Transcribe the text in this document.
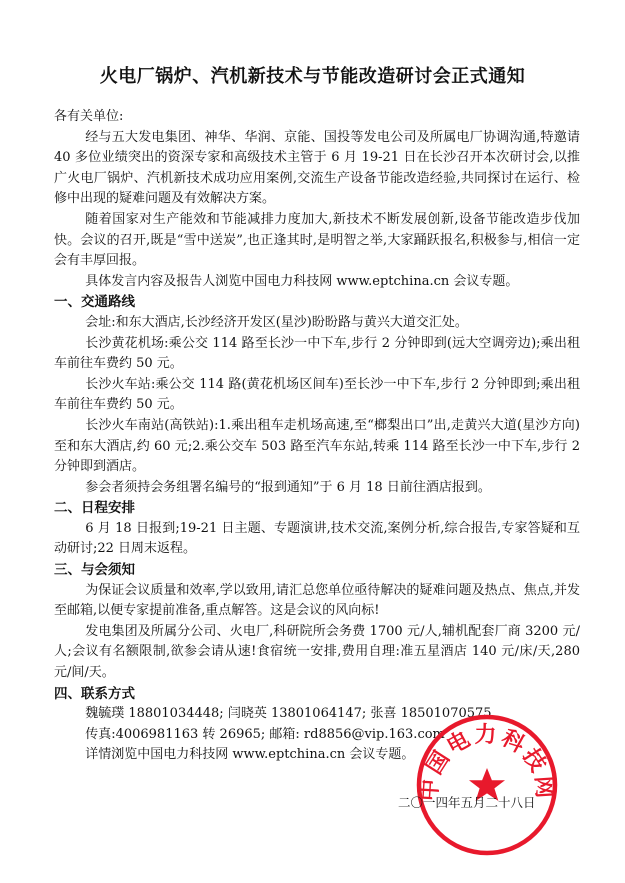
火电厂锅炉、汽机新技术与节能改造研讨会正式通知

各有关单位:

经与五大发电集团、神华、华润、京能、国投等发电公司及所属电厂协调沟通,特邀请 40 多位业绩突出的资深专家和高级技术主管于 6 月 19-21 日在长沙召开本次研讨会,以推广火电厂锅炉、汽机新技术成功应用案例,交流生产设备节能改造经验,共同探讨在运行、检修中出现的疑难问题及有效解决方案。

随着国家对生产能效和节能减排力度加大,新技术不断发展创新,设备节能改造步伐加快。会议的召开,既是“雪中送炭”,也正逢其时,是明智之举,大家踊跃报名,积极参与,相信一定会有丰厚回报。

具体发言内容及报告人浏览中国电力科技网 www.eptchina.cn 会议专题。

一、交通路线

会址:和东大酒店,长沙经济开发区(星沙)盼盼路与黄兴大道交汇处。

长沙黄花机场:乘公交 114 路至长沙一中下车,步行 2 分钟即到(远大空调旁边);乘出租车前往车费约 50 元。

长沙火车站:乘公交 114 路(黄花机场区间车)至长沙一中下车,步行 2 分钟即到;乘出租车前往车费约 50 元。

长沙火车南站(高铁站):1.乘出租车走机场高速,至“榔梨出口”出,走黄兴大道(星沙方向)至和东大酒店,约 60 元;2.乘公交车 503 路至汽车东站,转乘 114 路至长沙一中下车,步行 2 分钟即到酒店。

参会者须持会务组署名编号的“报到通知”于 6 月 18 日前往酒店报到。

二、日程安排

6 月 18 日报到;19-21 日主题、专题演讲,技术交流,案例分析,综合报告,专家答疑和互动研讨;22 日周末返程。

三、与会须知

为保证会议质量和效率,学以致用,请汇总您单位亟待解决的疑难问题及热点、焦点,并发至邮箱,以便专家提前准备,重点解答。这是会议的风向标!

发电集团及所属分公司、火电厂,科研院所会务费 1700 元/人,辅机配套厂商 3200 元/人;会议有名额限制,欲参会请从速!食宿统一安排,费用自理:准五星酒店 140 元/床/天,280 元/间/天。

四、联系方式

魏毓璞 18801034448; 闫晓英 13801064147; 张喜 18501070575

传真:4006981163 转 26965; 邮箱: rd8856@vip.163.com

详情浏览中国电力科技网 www.eptchina.cn 会议专题。

中国电力科技网
二〇一四年五月二十八日
